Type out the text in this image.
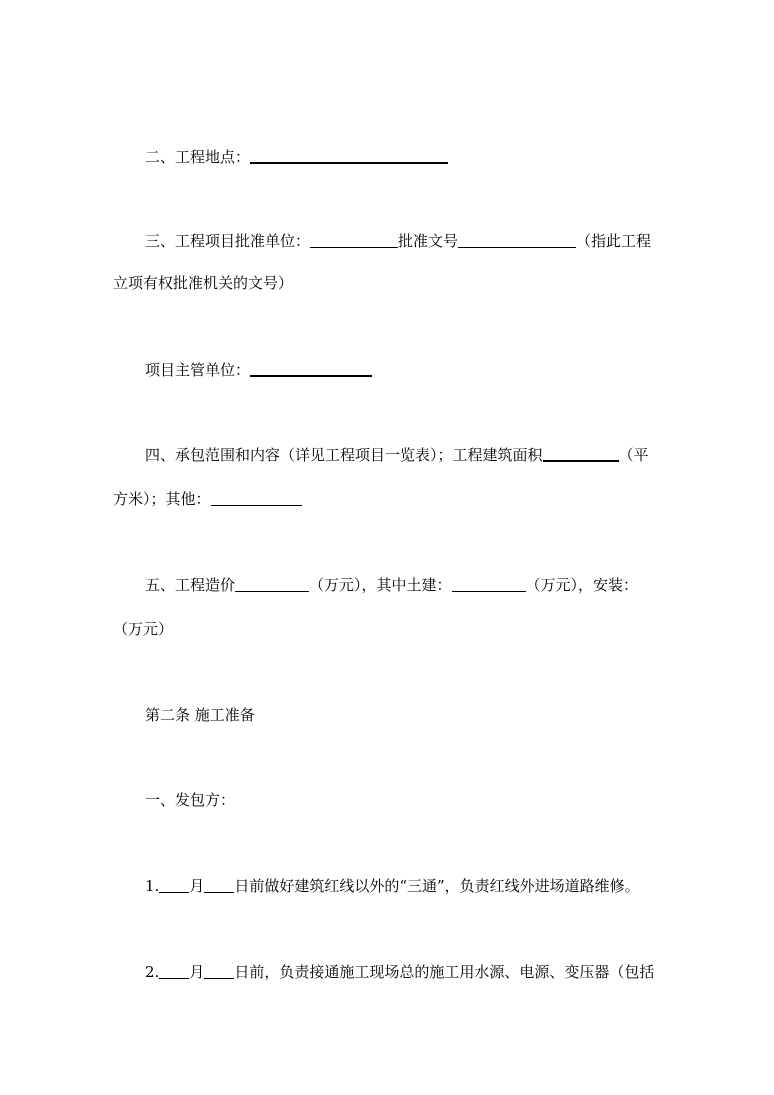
二、工程地点：
三、工程项目批准单位：	批准文号	（指此工程
立项有权批准机关的文号）
项目主管单位：
四、承包范围和内容（详见工程项目一览表）；工程建筑面积	（平
方米）；其他：
五、工程造价	（万元），其中土建：	（万元），安装：
（万元）
第二条 施工准备
一、发包方：
1. 月 日前做好建筑红线以外的“三通”，负责红线外进场道路维修。
2. 月 日前，负责接通施工现场总的施工用水源、电源、变压器（包括
